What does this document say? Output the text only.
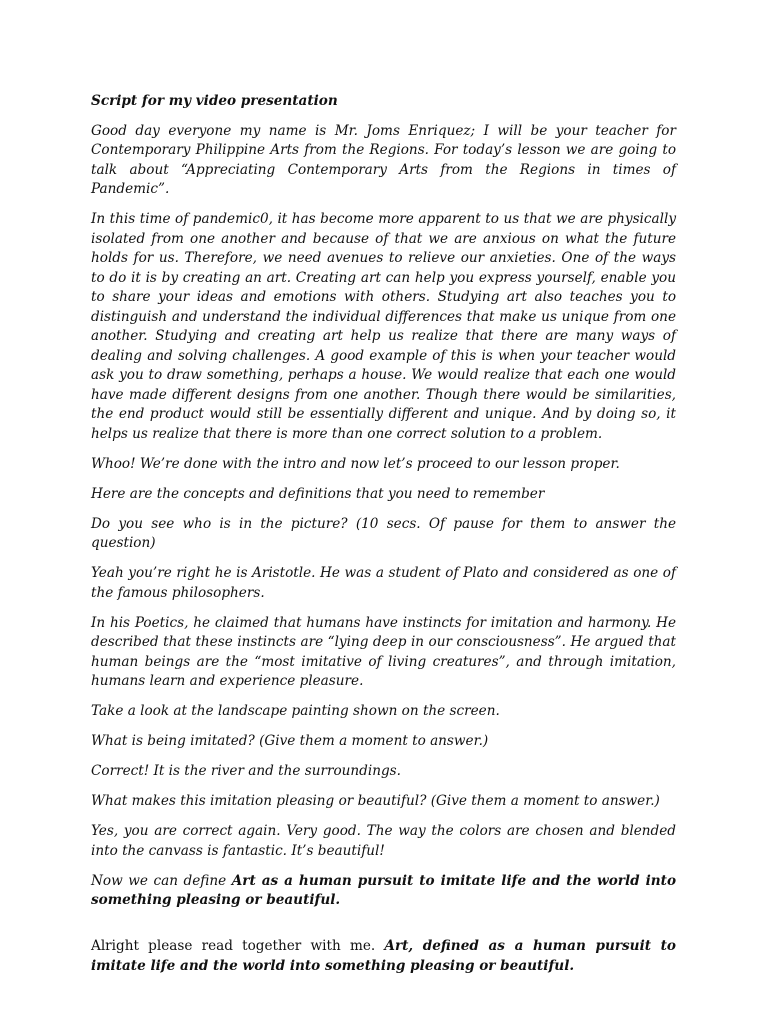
Script for my video presentation

Good day everyone my name is Mr. Joms Enriquez; I will be your teacher for Contemporary Philippine Arts from the Regions. For today’s lesson we are going to talk about “Appreciating Contemporary Arts from the Regions in times of Pandemic”.

In this time of pandemic0, it has become more apparent to us that we are physically isolated from one another and because of that we are anxious on what the future holds for us. Therefore, we need avenues to relieve our anxieties. One of the ways to do it is by creating an art. Creating art can help you express yourself, enable you to share your ideas and emotions with others. Studying art also teaches you to distinguish and understand the individual differences that make us unique from one another. Studying and creating art help us realize that there are many ways of dealing and solving challenges. A good example of this is when your teacher would ask you to draw something, perhaps a house. We would realize that each one would have made different designs from one another. Though there would be similarities, the end product would still be essentially different and unique. And by doing so, it helps us realize that there is more than one correct solution to a problem.

Whoo! We’re done with the intro and now let’s proceed to our lesson proper.

Here are the concepts and definitions that you need to remember

Do you see who is in the picture? (10 secs. Of pause for them to answer the question)

Yeah you’re right he is Aristotle. He was a student of Plato and considered as one of the famous philosophers.

In his Poetics, he claimed that humans have instincts for imitation and harmony. He described that these instincts are “lying deep in our consciousness”. He argued that human beings are the “most imitative of living creatures”, and through imitation, humans learn and experience pleasure.

Take a look at the landscape painting shown on the screen.

What is being imitated? (Give them a moment to answer.)

Correct! It is the river and the surroundings.

What makes this imitation pleasing or beautiful? (Give them a moment to answer.)

Yes, you are correct again. Very good. The way the colors are chosen and blended into the canvass is fantastic. It’s beautiful!

Now we can define Art as a human pursuit to imitate life and the world into something pleasing or beautiful.

Alright please read together with me. Art, defined as a human pursuit to imitate life and the world into something pleasing or beautiful.
